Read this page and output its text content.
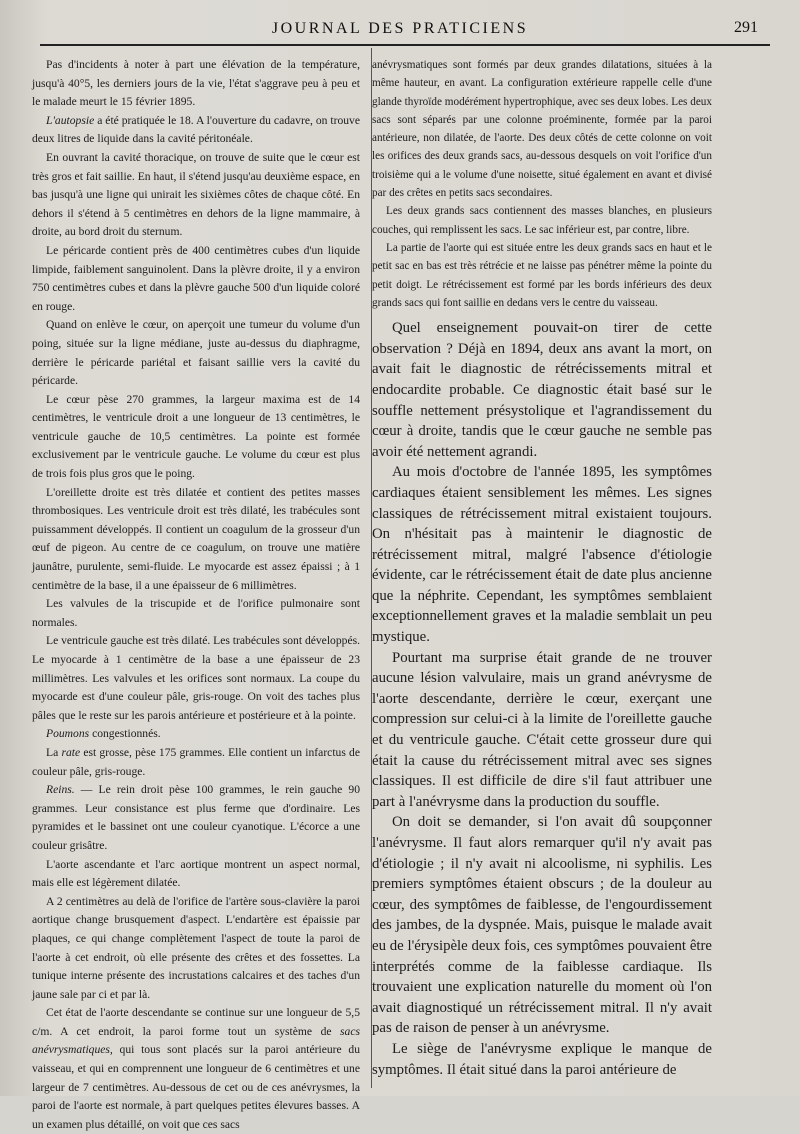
JOURNAL DES PRATICIENS	291

Pas d'incidents à noter à part une élévation de la température, jusqu'à 40°5, les derniers jours de la vie, l'état s'aggrave peu à peu et le malade meurt le 15 février 1895.

L'autopsie a été pratiquée le 18. A l'ouverture du cadavre, on trouve deux litres de liquide dans la cavité péritonéale.

En ouvrant la cavité thoracique, on trouve de suite que le cœur est très gros et fait saillie. En haut, il s'étend jusqu'au deuxième espace, en bas jusqu'à une ligne qui unirait les sixièmes côtes de chaque côté. En dehors il s'étend à 5 centimètres en dehors de la ligne mammaire, à droite, au bord droit du sternum.

Le péricarde contient près de 400 centimètres cubes d'un liquide limpide, faiblement sanguinolent. Dans la plèvre droite, il y a environ 750 centimètres cubes et dans la plèvre gauche 500 d'un liquide coloré en rouge.

Quand on enlève le cœur, on aperçoit une tumeur du volume d'un poing, située sur la ligne médiane, juste au-dessus du diaphragme, derrière le péricarde pariétal et faisant saillie vers la cavité du péricarde.

Le cœur pèse 270 grammes, la largeur maxima est de 14 centimètres, le ventricule droit a une longueur de 13 centimètres, le ventricule gauche de 10,5 centimètres. La pointe est formée exclusivement par le ventricule gauche. Le volume du cœur est plus de trois fois plus gros que le poing.

L'oreillette droite est très dilatée et contient des petites masses thrombosiques. Les ventricule droit est très dilaté, les trabécules sont puissamment développés. Il contient un coagulum de la grosseur d'un œuf de pigeon. Au centre de ce coagulum, on trouve une matière jaunâtre, purulente, semi-fluide. Le myocarde est assez épaissi ; à 1 centimètre de la base, il a une épaisseur de 6 millimètres.

Les valvules de la triscupide et de l'orifice pulmonaire sont normales.

Le ventricule gauche est très dilaté. Les trabécules sont développés. Le myocarde à 1 centimètre de la base a une épaisseur de 23 millimètres. Les valvules et les orifices sont normaux. La coupe du myocarde est d'une couleur pâle, gris-rouge. On voit des taches plus pâles que le reste sur les parois antérieure et postérieure et à la pointe.

Poumons congestionnés.

La rate est grosse, pèse 175 grammes. Elle contient un infarctus de couleur pâle, gris-rouge.

Reins. — Le rein droit pèse 100 grammes, le rein gauche 90 grammes. Leur consistance est plus ferme que d'ordinaire. Les pyramides et le bassinet ont une couleur cyanotique. L'écorce a une couleur grisâtre.

L'aorte ascendante et l'arc aortique montrent un aspect normal, mais elle est légèrement dilatée.

A 2 centimètres au delà de l'orifice de l'artère sous-clavière la paroi aortique change brusquement d'aspect. L'endartère est épaissie par plaques, ce qui change complètement l'aspect de toute la paroi de l'aorte à cet endroit, où elle présente des crêtes et des fossettes. La tunique interne présente des incrustations calcaires et des taches d'un jaune sale par ci et par là.

Cet état de l'aorte descendante se continue sur une longueur de 5,5 c/m. A cet endroit, la paroi forme tout un système de sacs anévrysmatiques, qui tous sont placés sur la paroi antérieure du vaisseau, et qui en comprennent une longueur de 6 centimètres et une largeur de 7 centimètres. Au-dessous de cet ou de ces anévrysmes, la paroi de l'aorte est normale, à part quelques petites élevures basses. A un examen plus détaillé, on voit que ces sacs

anévrysmatiques sont formés par deux grandes dilatations, situées à la même hauteur, en avant. La configuration extérieure rappelle celle d'une glande thyroïde modérément hypertrophique, avec ses deux lobes. Les deux sacs sont séparés par une colonne proéminente, formée par la paroi antérieure, non dilatée, de l'aorte. Des deux côtés de cette colonne on voit les orifices des deux grands sacs, au-dessous desquels on voit l'orifice d'un troisième qui a le volume d'une noisette, situé également en avant et divisé par des crêtes en petits sacs secondaires.

Les deux grands sacs contiennent des masses blanches, en plusieurs couches, qui remplissent les sacs. Le sac inférieur est, par contre, libre.

La partie de l'aorte qui est située entre les deux grands sacs en haut et le petit sac en bas est très rétrécie et ne laisse pas pénétrer même la pointe du petit doigt. Le rétrécissement est formé par les bords inférieurs des deux grands sacs qui font saillie en dedans vers le centre du vaisseau.

Quel enseignement pouvait-on tirer de cette observation ? Déjà en 1894, deux ans avant la mort, on avait fait le diagnostic de rétrécissements mitral et endocardite probable. Ce diagnostic était basé sur le souffle nettement présystolique et l'agrandissement du cœur à droite, tandis que le cœur gauche ne semble pas avoir été nettement agrandi.

Au mois d'octobre de l'année 1895, les symptômes cardiaques étaient sensiblement les mêmes. Les signes classiques de rétrécissement mitral existaient toujours. On n'hésitait pas à maintenir le diagnostic de rétrécissement mitral, malgré l'absence d'étiologie évidente, car le rétrécissement était de date plus ancienne que la néphrite. Cependant, les symptômes semblaient exceptionnellement graves et la maladie semblait un peu mystique.

Pourtant ma surprise était grande de ne trouver aucune lésion valvulaire, mais un grand anévrysme de l'aorte descendante, derrière le cœur, exerçant une compression sur celui-ci à la limite de l'oreillette gauche et du ventricule gauche. C'était cette grosseur dure qui était la cause du rétrécissement mitral avec ses signes classiques. Il est difficile de dire s'il faut attribuer une part à l'anévrysme dans la production du souffle.

On doit se demander, si l'on avait dû soupçonner l'anévrysme. Il faut alors remarquer qu'il n'y avait pas d'étiologie ; il n'y avait ni alcoolisme, ni syphilis. Les premiers symptômes étaient obscurs ; de la douleur au cœur, des symptômes de faiblesse, de l'engourdissement des jambes, de la dyspnée. Mais, puisque le malade avait eu de l'érysipèle deux fois, ces symptômes pouvaient être interprétés comme de la faiblesse cardiaque. Ils trouvaient une explication naturelle du moment où l'on avait diagnostiqué un rétrécissement mitral. Il n'y avait pas de raison de penser à un anévrysme.

Le siège de l'anévrysme explique le manque de symptômes. Il était situé dans la paroi antérieure de
